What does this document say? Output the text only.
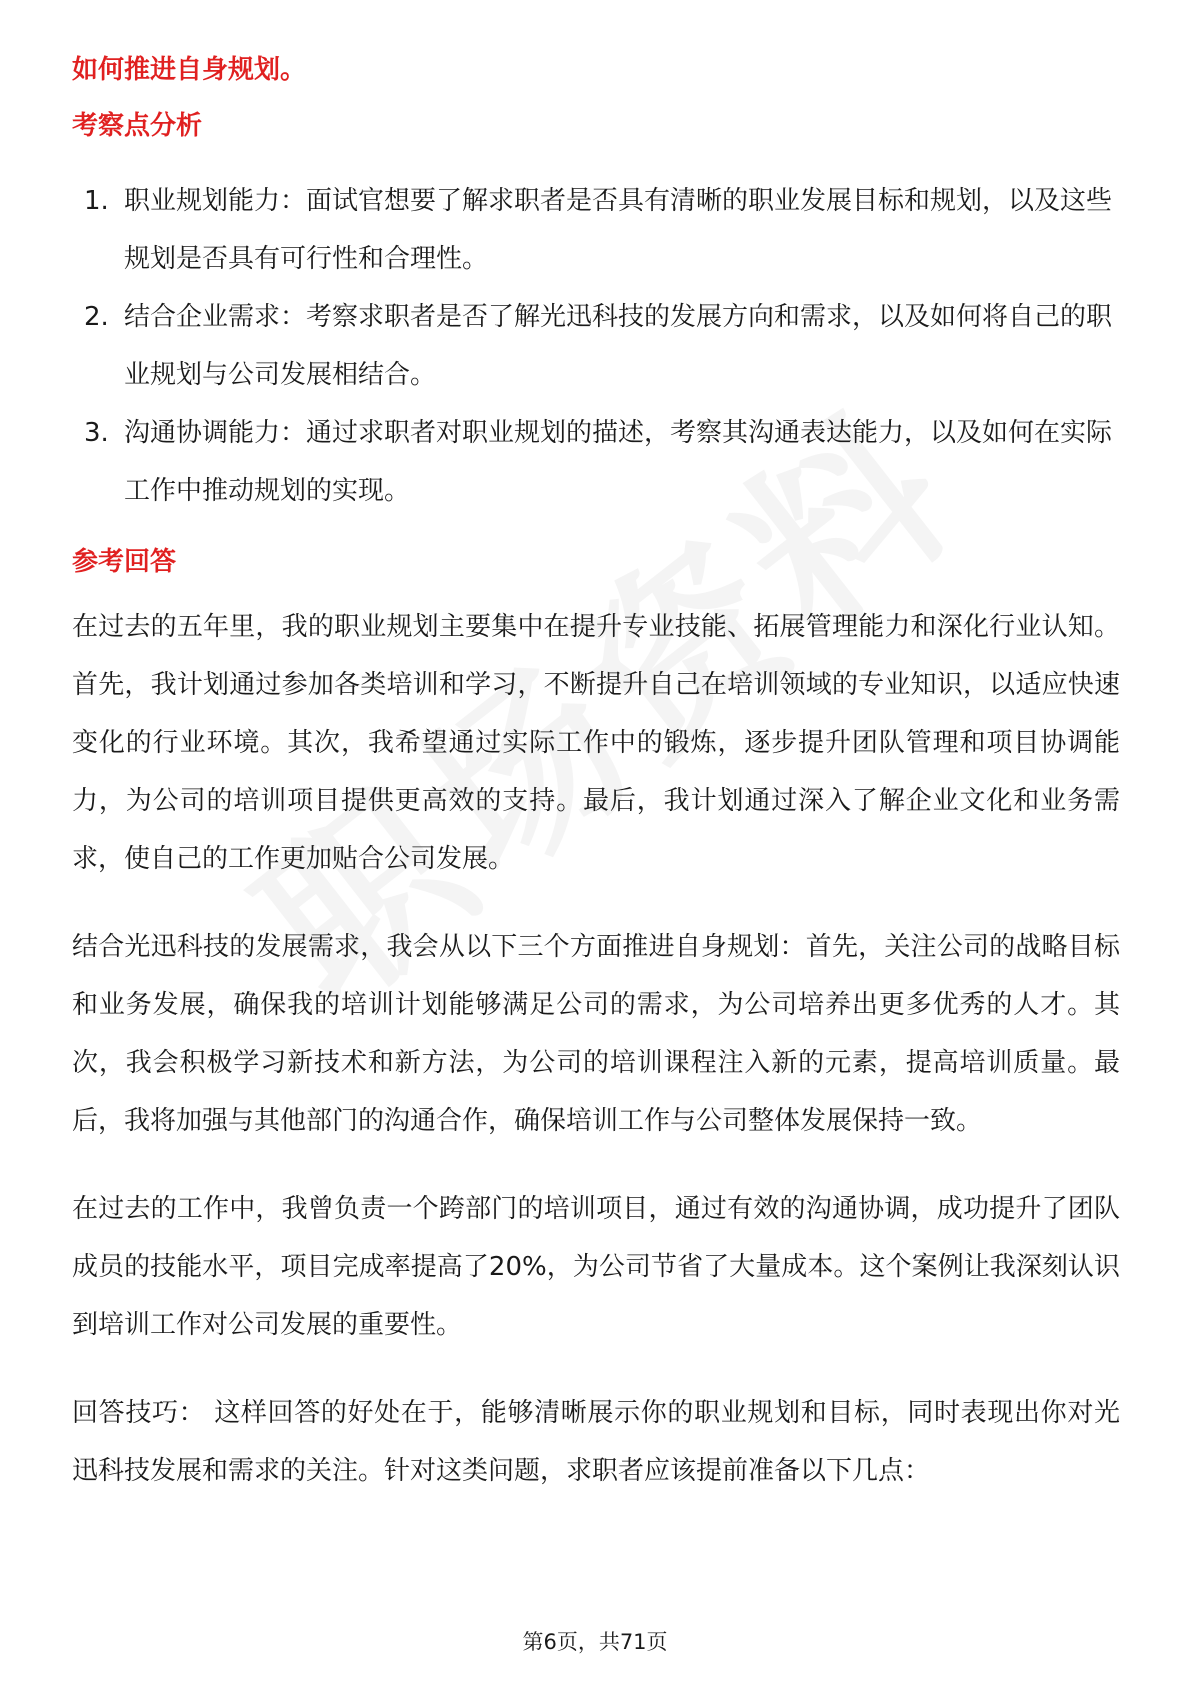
如何推进自身规划。

考察点分析

1. 职业规划能力：面试官想要了解求职者是否具有清晰的职业发展目标和规划，以及这些规划是否具有可行性和合理性。
2. 结合企业需求：考察求职者是否了解光迅科技的发展方向和需求，以及如何将自己的职业规划与公司发展相结合。
3. 沟通协调能力：通过求职者对职业规划的描述，考察其沟通表达能力，以及如何在实际工作中推动规划的实现。

参考回答

在过去的五年里，我的职业规划主要集中在提升专业技能、拓展管理能力和深化行业认知。首先，我计划通过参加各类培训和学习，不断提升自己在培训领域的专业知识，以适应快速变化的行业环境。其次，我希望通过实际工作中的锻炼，逐步提升团队管理和项目协调能力，为公司的培训项目提供更高效的支持。最后，我计划通过深入了解企业文化和业务需求，使自己的工作更加贴合公司发展。

结合光迅科技的发展需求，我会从以下三个方面推进自身规划：首先，关注公司的战略目标和业务发展，确保我的培训计划能够满足公司的需求，为公司培养出更多优秀的人才。其次，我会积极学习新技术和新方法，为公司的培训课程注入新的元素，提高培训质量。最后，我将加强与其他部门的沟通合作，确保培训工作与公司整体发展保持一致。

在过去的工作中，我曾负责一个跨部门的培训项目，通过有效的沟通协调，成功提升了团队成员的技能水平，项目完成率提高了20%，为公司节省了大量成本。这个案例让我深刻认识到培训工作对公司发展的重要性。

回答技巧： 这样回答的好处在于，能够清晰展示你的职业规划和目标，同时表现出你对光迅科技发展和需求的关注。针对这类问题，求职者应该提前准备以下几点：

第6页，共71页
